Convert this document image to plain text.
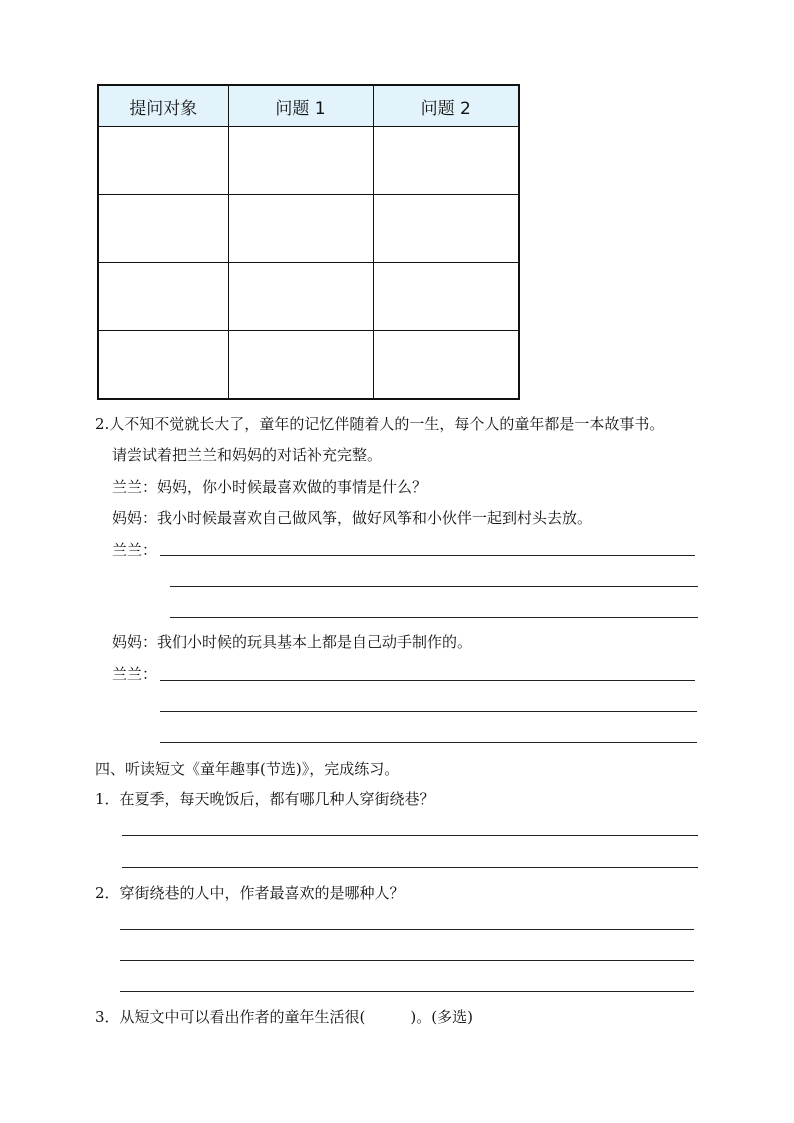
提问对象	问题 1	问题 2

2.人不知不觉就长大了，童年的记忆伴随着人的一生，每个人的童年都是一本故事书。
请尝试着把兰兰和妈妈的对话补充完整。
兰兰：妈妈，你小时候最喜欢做的事情是什么？
妈妈：我小时候最喜欢自己做风筝，做好风筝和小伙伴一起到村头去放。
兰兰：
妈妈：我们小时候的玩具基本上都是自己动手制作的。
兰兰：
四、听读短文《童年趣事(节选)》，完成练习。
1．在夏季，每天晚饭后，都有哪几种人穿街绕巷？
2．穿街绕巷的人中，作者最喜欢的是哪种人？
3．从短文中可以看出作者的童年生活很(　　　)。(多选)
